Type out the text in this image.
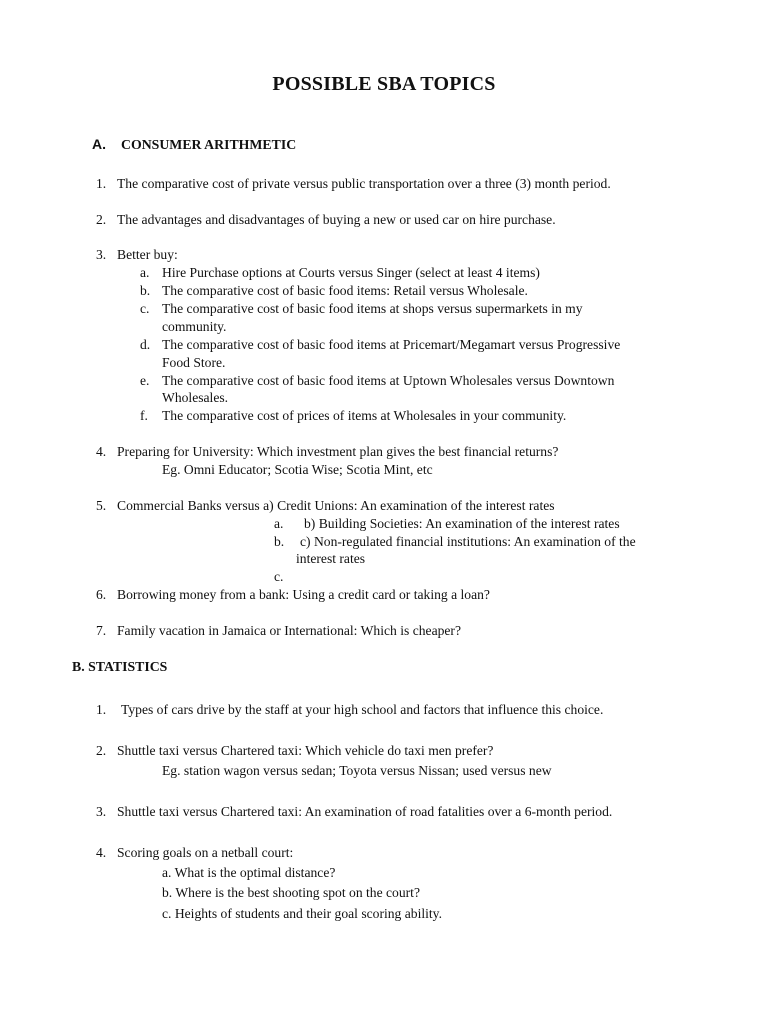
POSSIBLE SBA TOPICS
A. CONSUMER ARITHMETIC
1. The comparative cost of private versus public transportation over a three (3) month period.
2. The advantages and disadvantages of buying a new or used car on hire purchase.
3. Better buy:
a. Hire Purchase options at Courts versus Singer (select at least 4 items)
b. The comparative cost of basic food items: Retail versus Wholesale.
c. The comparative cost of basic food items at shops versus supermarkets in my
community.
d. The comparative cost of basic food items at Pricemart/Megamart versus Progressive
Food Store.
e. The comparative cost of basic food items at Uptown Wholesales versus Downtown
Wholesales.
f. The comparative cost of prices of items at Wholesales in your community.
4. Preparing for University: Which investment plan gives the best financial returns?
Eg. Omni Educator; Scotia Wise; Scotia Mint, etc
5. Commercial Banks versus a) Credit Unions: An examination of the interest rates
a. b) Building Societies: An examination of the interest rates
b. c) Non-regulated financial institutions: An examination of the
interest rates
c.
6. Borrowing money from a bank: Using a credit card or taking a loan?
7. Family vacation in Jamaica or International: Which is cheaper?
B. STATISTICS
1. Types of cars drive by the staff at your high school and factors that influence this choice.
2. Shuttle taxi versus Chartered taxi: Which vehicle do taxi men prefer?
Eg. station wagon versus sedan; Toyota versus Nissan; used versus new
3. Shuttle taxi versus Chartered taxi: An examination of road fatalities over a 6-month period.
4. Scoring goals on a netball court:
a. What is the optimal distance?
b. Where is the best shooting spot on the court?
c. Heights of students and their goal scoring ability.
